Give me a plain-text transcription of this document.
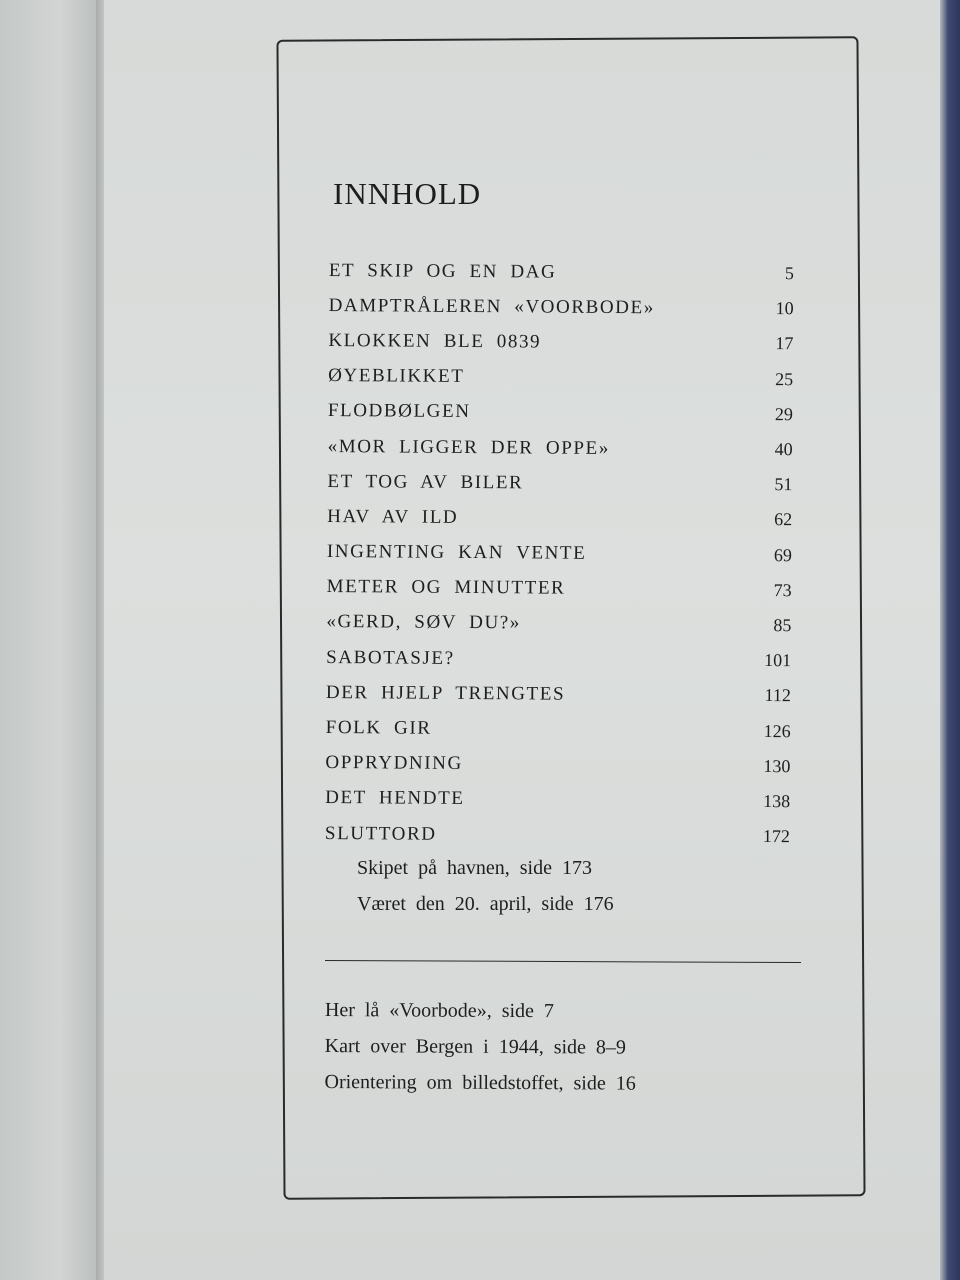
INNHOLD
ET SKIP OG EN DAG	5
DAMPTRÅLEREN «VOORBODE»	10
KLOKKEN BLE 0839	17
ØYEBLIKKET	25
FLODBØLGEN	29
«MOR LIGGER DER OPPE»	40
ET TOG AV BILER	51
HAV AV ILD	62
INGENTING KAN VENTE	69
METER OG MINUTTER	73
«GERD, SØV DU?»	85
SABOTASJE?	101
DER HJELP TRENGTES	112
FOLK GIR	126
OPPRYDNING	130
DET HENDTE	138
SLUTTORD	172
Skipet på havnen, side 173
Været den 20. april, side 176
Her lå «Voorbode», side 7
Kart over Bergen i 1944, side 8–9
Orientering om billedstoffet, side 16
